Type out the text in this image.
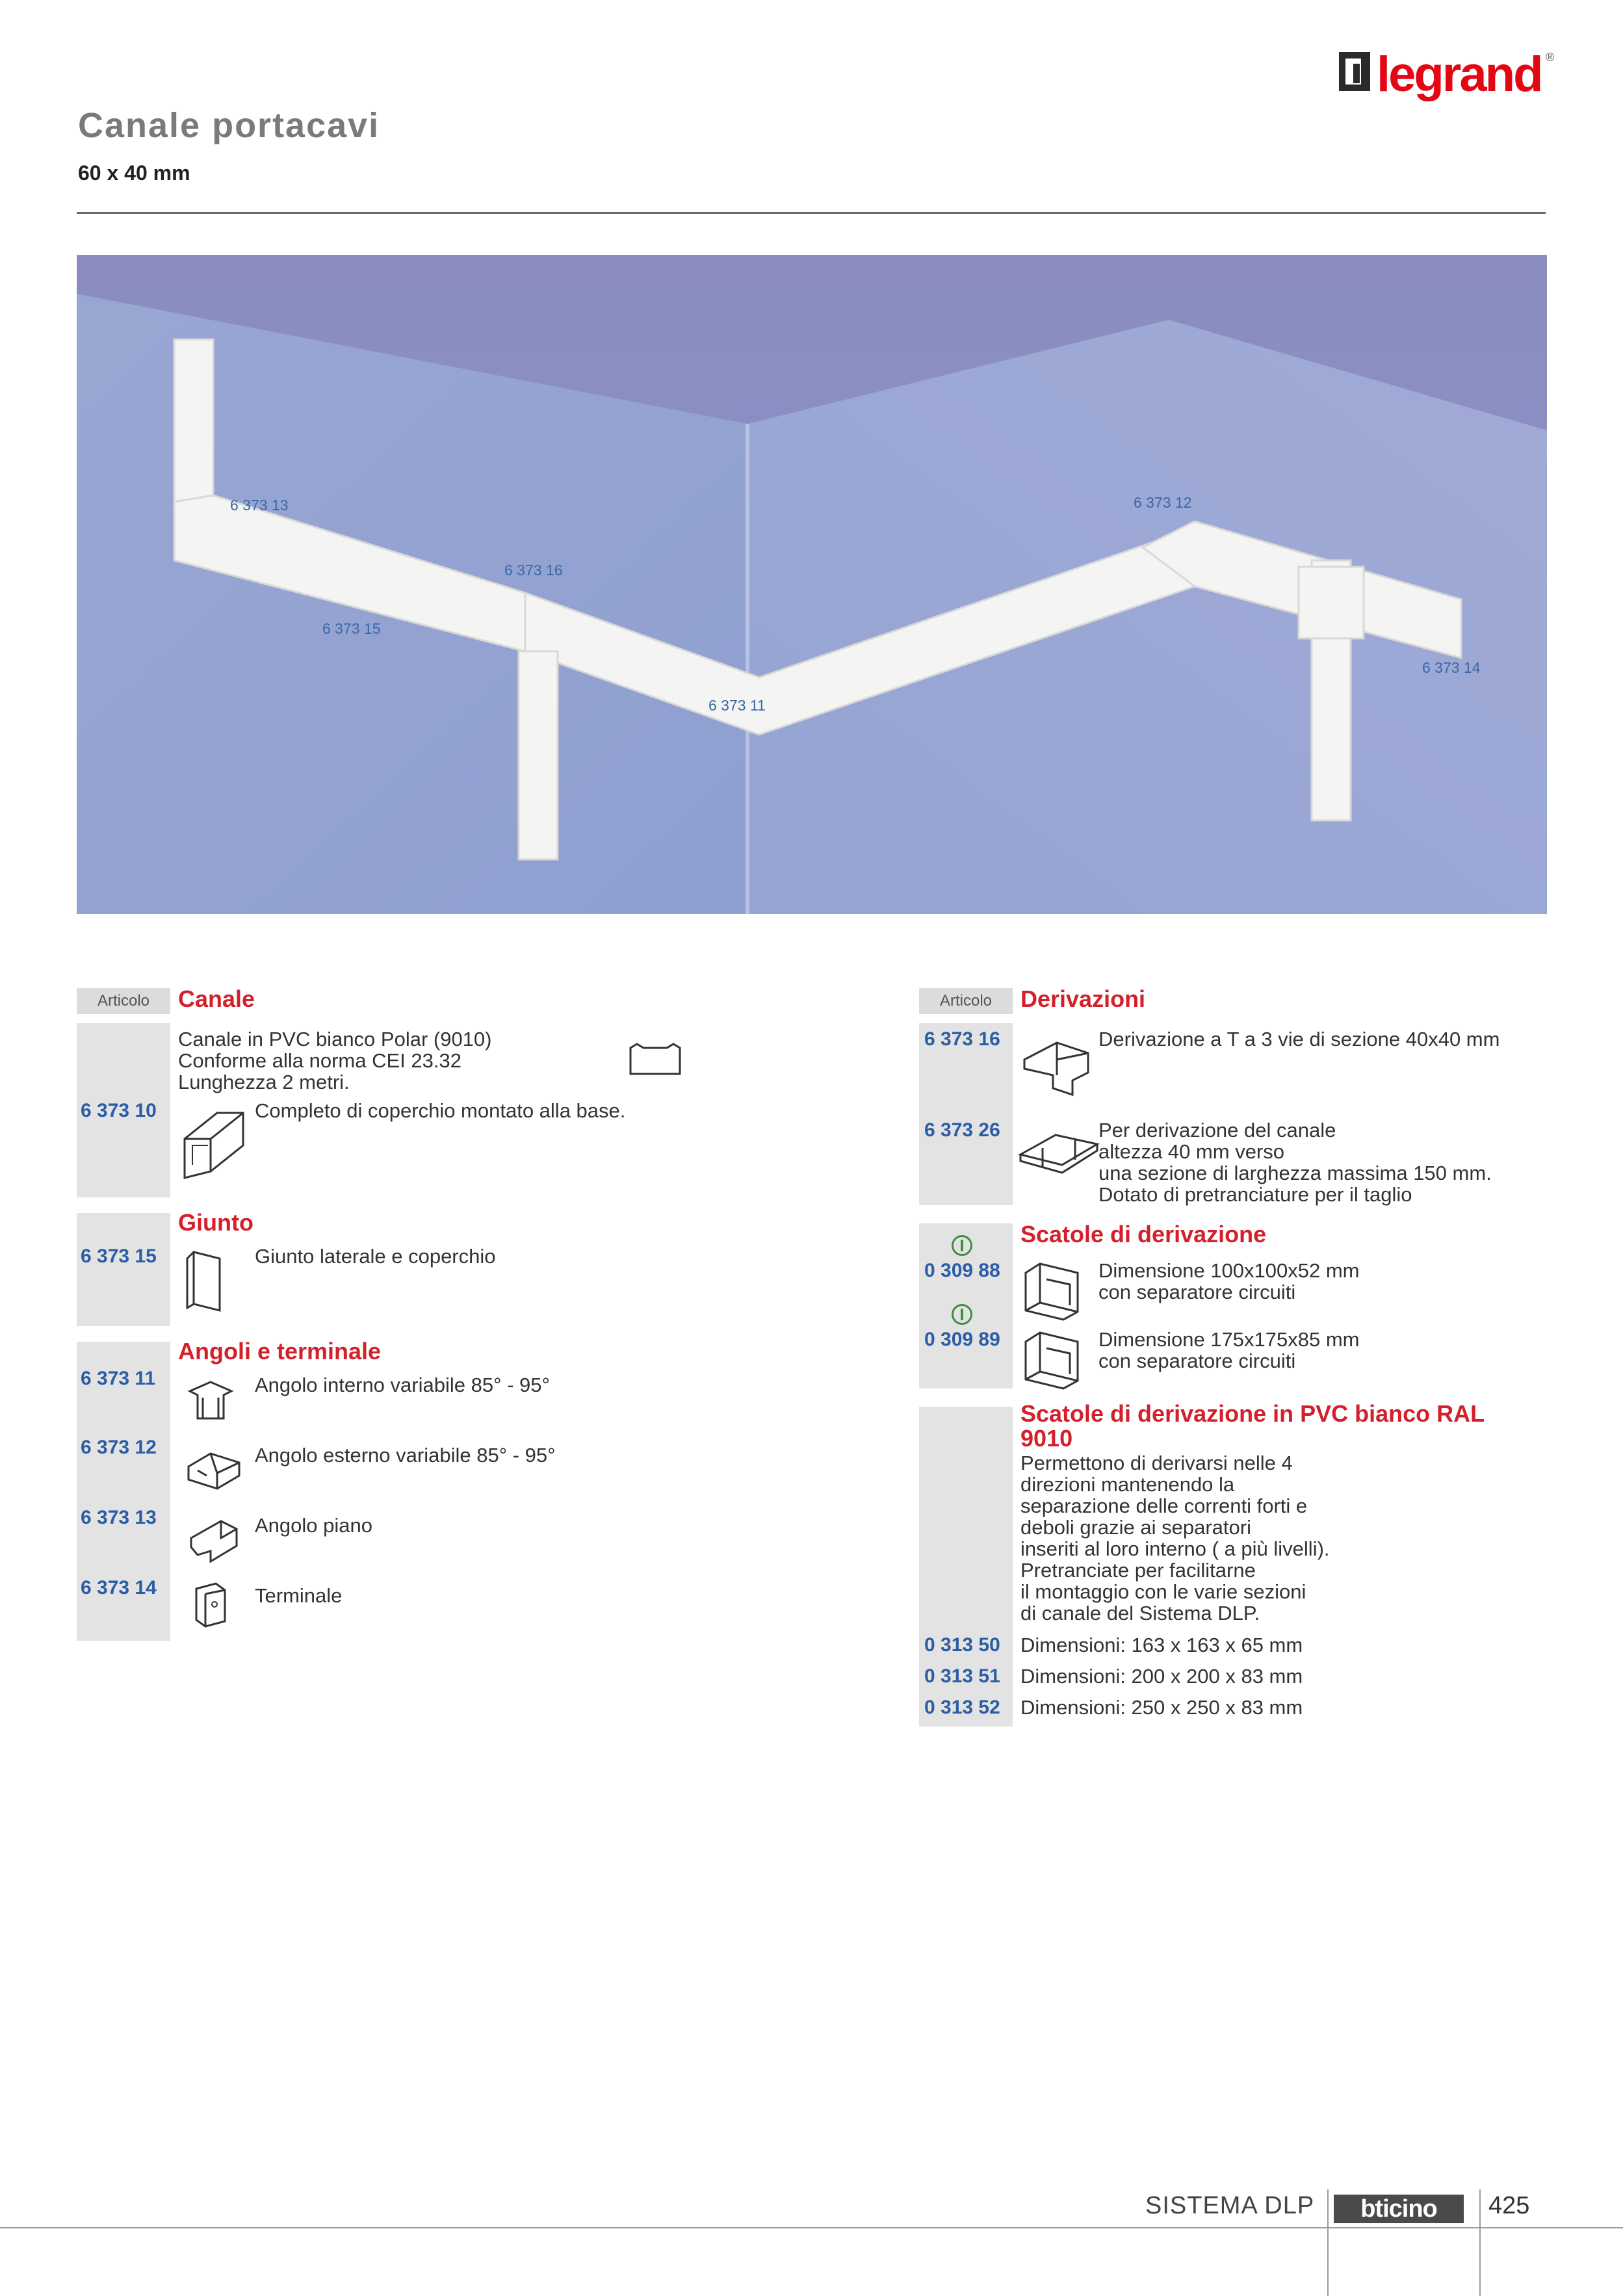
legrand ®
Canale portacavi
60 x 40 mm
6 373 13	6 373 12
6 373 16
6 373 15
6 373 14
6 373 11
Articolo	Canale
Canale in PVC bianco Polar (9010)
Conforme alla norma CEI 23.32
Lunghezza 2 metri.
6 373 10	Completo di coperchio montato alla base.
Giunto
6 373 15	Giunto laterale e coperchio
Angoli e terminale
6 373 11	Angolo interno variabile 85° - 95°
6 373 12	Angolo esterno variabile 85° - 95°
6 373 13	Angolo piano
6 373 14	Terminale
Articolo	Derivazioni
6 373 16	Derivazione a T a 3 vie di sezione 40x40 mm
6 373 26	Per derivazione del canale
altezza 40 mm verso
una sezione di larghezza massima 150 mm.
Dotato di pretranciature per il taglio
Scatole di derivazione
0 309 88	Dimensione 100x100x52 mm
con separatore circuiti
0 309 89	Dimensione 175x175x85 mm
con separatore circuiti
Scatole di derivazione in PVC bianco RAL
9010
Permettono di derivarsi nelle 4
direzioni mantenendo la
separazione delle correnti forti e
deboli grazie ai separatori
inseriti al loro interno ( a più livelli).
Pretranciate per facilitarne
il montaggio con le varie sezioni
di canale del Sistema DLP.
0 313 50 Dimensioni: 163 x 163 x 65 mm
0 313 51 Dimensioni: 200 x 200 x 83 mm
0 313 52 Dimensioni: 250 x 250 x 83 mm
SISTEMA DLP	bticino	425
